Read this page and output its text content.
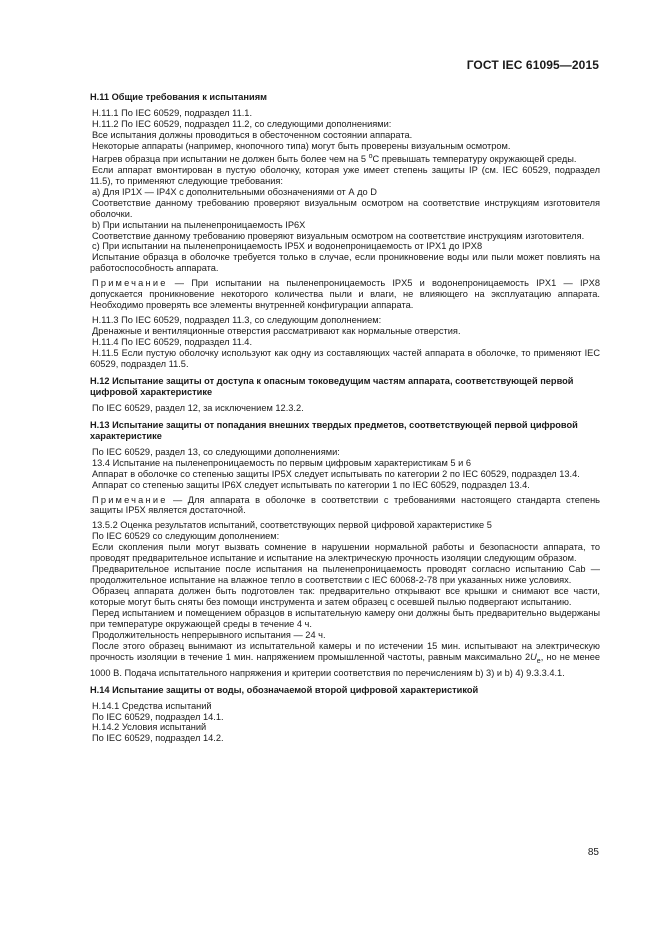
ГОСТ IEC 61095—2015
Н.11 Общие требования к испытаниям

Н.11.1 По IEC 60529, подраздел 11.1.

Н.11.2 По IEC 60529, подраздел 11.2, со следующими дополнениями:

Все испытания должны проводиться в обесточенном состоянии аппарата.

Некоторые аппараты (например, кнопочного типа) могут быть проверены визуальным осмотром.

Нагрев образца при испытании не должен быть более чем на 5 $^о$С превышать температуру окружающей среды.

Если аппарат вмонтирован в пустую оболочку, которая уже имеет степень защиты IP (см. IEC 60529, подраздел 11.5), то применяют следующие требования:

а) Для IP1X — IP4X с дополнительными обозначениями от А до D

Соответствие данному требованию проверяют визуальным осмотром на соответствие инструкциям изготовителя оболочки.

b) При испытании на пыленепроницаемость IP6X

Соответствие данному требованию проверяют визуальным осмотром на соответствие инструкциям изготовителя.

с) При испытании на пыленепроницаемость IP5X и водонепроницаемость от IPX1 до IPX8

Испытание образца в оболочке требуется только в случае, если проникновение воды или пыли может повлиять на работоспособность аппарата.

Примечание — При испытании на пыленепроницаемость IPX5 и водонепроницаемость IPX1 — IPX8 допускается проникновение некоторого количества пыли и влаги, не влияющего на эксплуатацию аппарата. Необходимо проверять все элементы внутренней конфигурации аппарата.

Н.11.3 По IEC 60529, подраздел 11.3, со следующим дополнением:

Дренажные и вентиляционные отверстия рассматривают как нормальные отверстия.

Н.11.4 По IEC 60529, подраздел 11.4.

Н.11.5 Если пустую оболочку используют как одну из составляющих частей аппарата в оболочке, то применяют IEC 60529, подраздел 11.5.

Н.12 Испытание защиты от доступа к опасным токоведущим частям аппарата, соответствующей первой цифровой характеристике

По IEC 60529, раздел 12, за исключением 12.3.2.

Н.13 Испытание защиты от попадания внешних твердых предметов, соответствующей первой цифровой характеристике

По IEC 60529, раздел 13, со следующими дополнениями:

13.4 Испытание на пыленепроницаемость по первым цифровым характеристикам 5 и 6

Аппарат в оболочке со степенью защиты IP5X следует испытывать по категории 2 по IEC 60529, подраздел 13.4.

Аппарат со степенью защиты IP6X следует испытывать по категории 1 по IEC 60529, подраздел 13.4.

Примечание — Для аппарата в оболочке в соответствии с требованиями настоящего стандарта степень защиты IP5X является достаточной.

13.5.2 Оценка результатов испытаний, соответствующих первой цифровой характеристике 5

По IEC 60529 со следующим дополнением:

Если скопления пыли могут вызвать сомнение в нарушении нормальной работы и безопасности аппарата, то проводят предварительное испытание и испытание на электрическую прочность изоляции следующим образом.

Предварительное испытание после испытания на пыленепроницаемость проводят согласно испытанию Cab — продолжительное испытание на влажное тепло в соответствии с IEC 60068-2-78 при указанных ниже условиях.

Образец аппарата должен быть подготовлен так: предварительно открывают все крышки и снимают все части, которые могут быть сняты без помощи инструмента и затем образец с осевшей пылью подвергают испытанию.

Перед испытанием и помещением образцов в испытательную камеру они должны быть предварительно выдержаны при температуре окружающей среды в течение 4 ч.

Продолжительность непрерывного испытания — 24 ч.

После этого образец вынимают из испытательной камеры и по истечении 15 мин. испытывают на электрическую прочность изоляции в течение 1 мин. напряжением промышленной частоты, равным максимально $2U_e$, но не менее 1000 В. Подача испытательного напряжения и критерии соответствия по перечислениям b) 3) и b) 4) 9.3.3.4.1.

Н.14 Испытание защиты от воды, обозначаемой второй цифровой характеристикой

Н.14.1 Средства испытаний

По IEC 60529, подраздел 14.1.

Н.14.2 Условия испытаний

По IEC 60529, подраздел 14.2.

85
